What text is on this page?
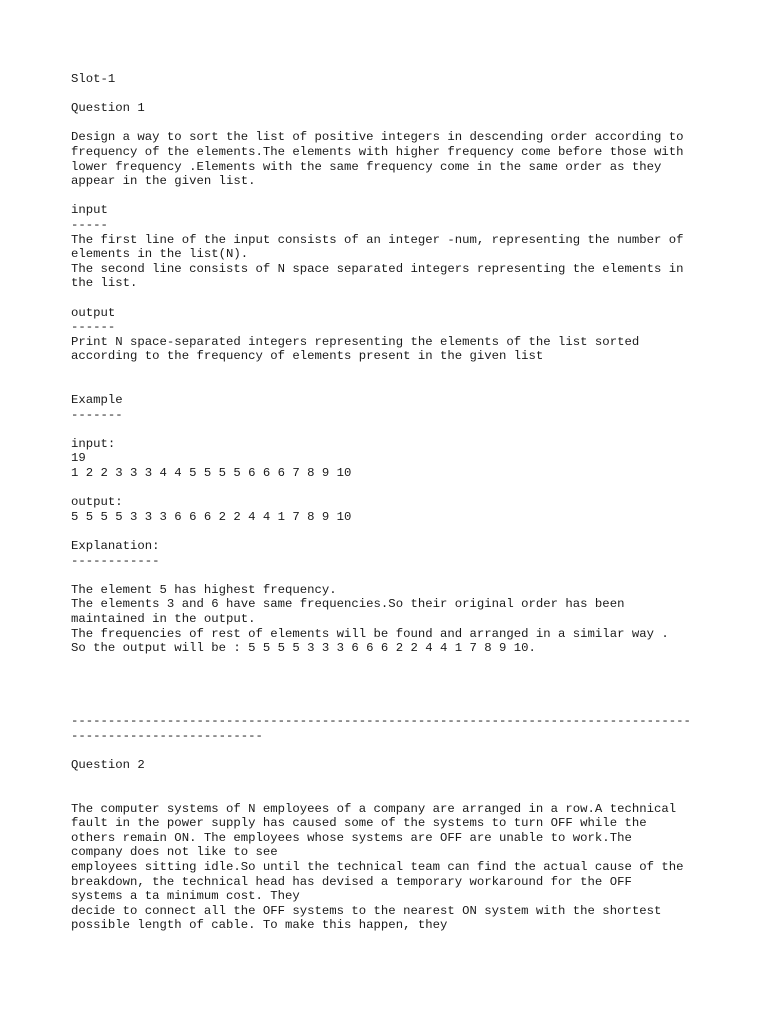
Slot-1
Question 1
Design a way to sort the list of positive integers in descending order according to
frequency of the elements.The elements with higher frequency come before those with
lower frequency .Elements with the same frequency come in the same order as they
appear in the given list.
input
-----
The first line of the input consists of an integer -num, representing the number of
elements in the list(N).
The second line consists of N space separated integers representing the elements in
the list.
output
------
Print N space-separated integers representing the elements of the list sorted
according to the frequency of elements present in the given list
Example
-------
input:
19
1 2 2 3 3 3 4 4 5 5 5 5 6 6 6 7 8 9 10
output:
5 5 5 5 3 3 3 6 6 6 2 2 4 4 1 7 8 9 10
Explanation:
------------
The element 5 has highest frequency.
The elements 3 and 6 have same frequencies.So their original order has been
maintained in the output.
The frequencies of rest of elements will be found and arranged in a similar way .
So the output will be : 5 5 5 5 3 3 3 6 6 6 2 2 4 4 1 7 8 9 10.
------------------------------------------------------------------------------------
--------------------------
Question 2
The computer systems of N employees of a company are arranged in a row.A technical
fault in the power supply has caused some of the systems to turn OFF while the
others remain ON. The employees whose systems are OFF are unable to work.The
company does not like to see
employees sitting idle.So until the technical team can find the actual cause of the
breakdown, the technical head has devised a temporary workaround for the OFF
systems a ta minimum cost. They
decide to connect all the OFF systems to the nearest ON system with the shortest
possible length of cable. To make this happen, they
